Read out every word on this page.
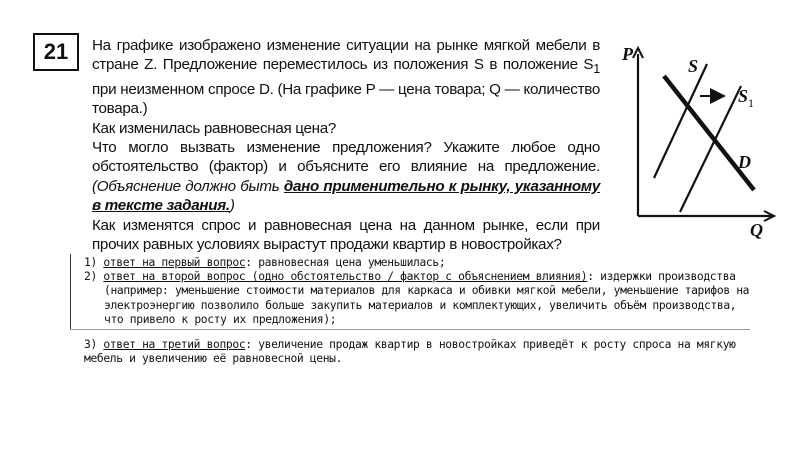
21	На графике изображено изменение ситуации на рынке мягкой мебели в стране Z. Предложение переместилось из положения S в положение $S_1$ при неизменном спросе D. (На графике P — цена товара; Q — количество товара.)

Как изменилась равновесная цена?

Что могло вызвать изменение предложения? Укажите любое одно обстоятельство (фактор) и объясните его влияние на предложение. (Объяснение должно быть дано применительно к рынку, указанному в тексте задания.)

Как изменятся спрос и равновесная цена на данном рынке, если при прочих равных условиях вырастут продажи квартир в новостройках?

P
Q
S
$S_1$
D

1) ответ на первый вопрос: равновесная цена уменьшилась;

2) ответ на второй вопрос (одно обстоятельство / фактор с объяснением влияния): издержки производства

(например: уменьшение стоимости материалов для каркаса и обивки мягкой мебели, уменьшение тарифов на электроэнергию позволило больше закупить материалов и комплектующих, увеличить объём производства, что привело к росту их предложения);

3) ответ на третий вопрос: увеличение продаж квартир в новостройках приведёт к росту спроса на мягкую мебель и увеличению её равновесной цены.
